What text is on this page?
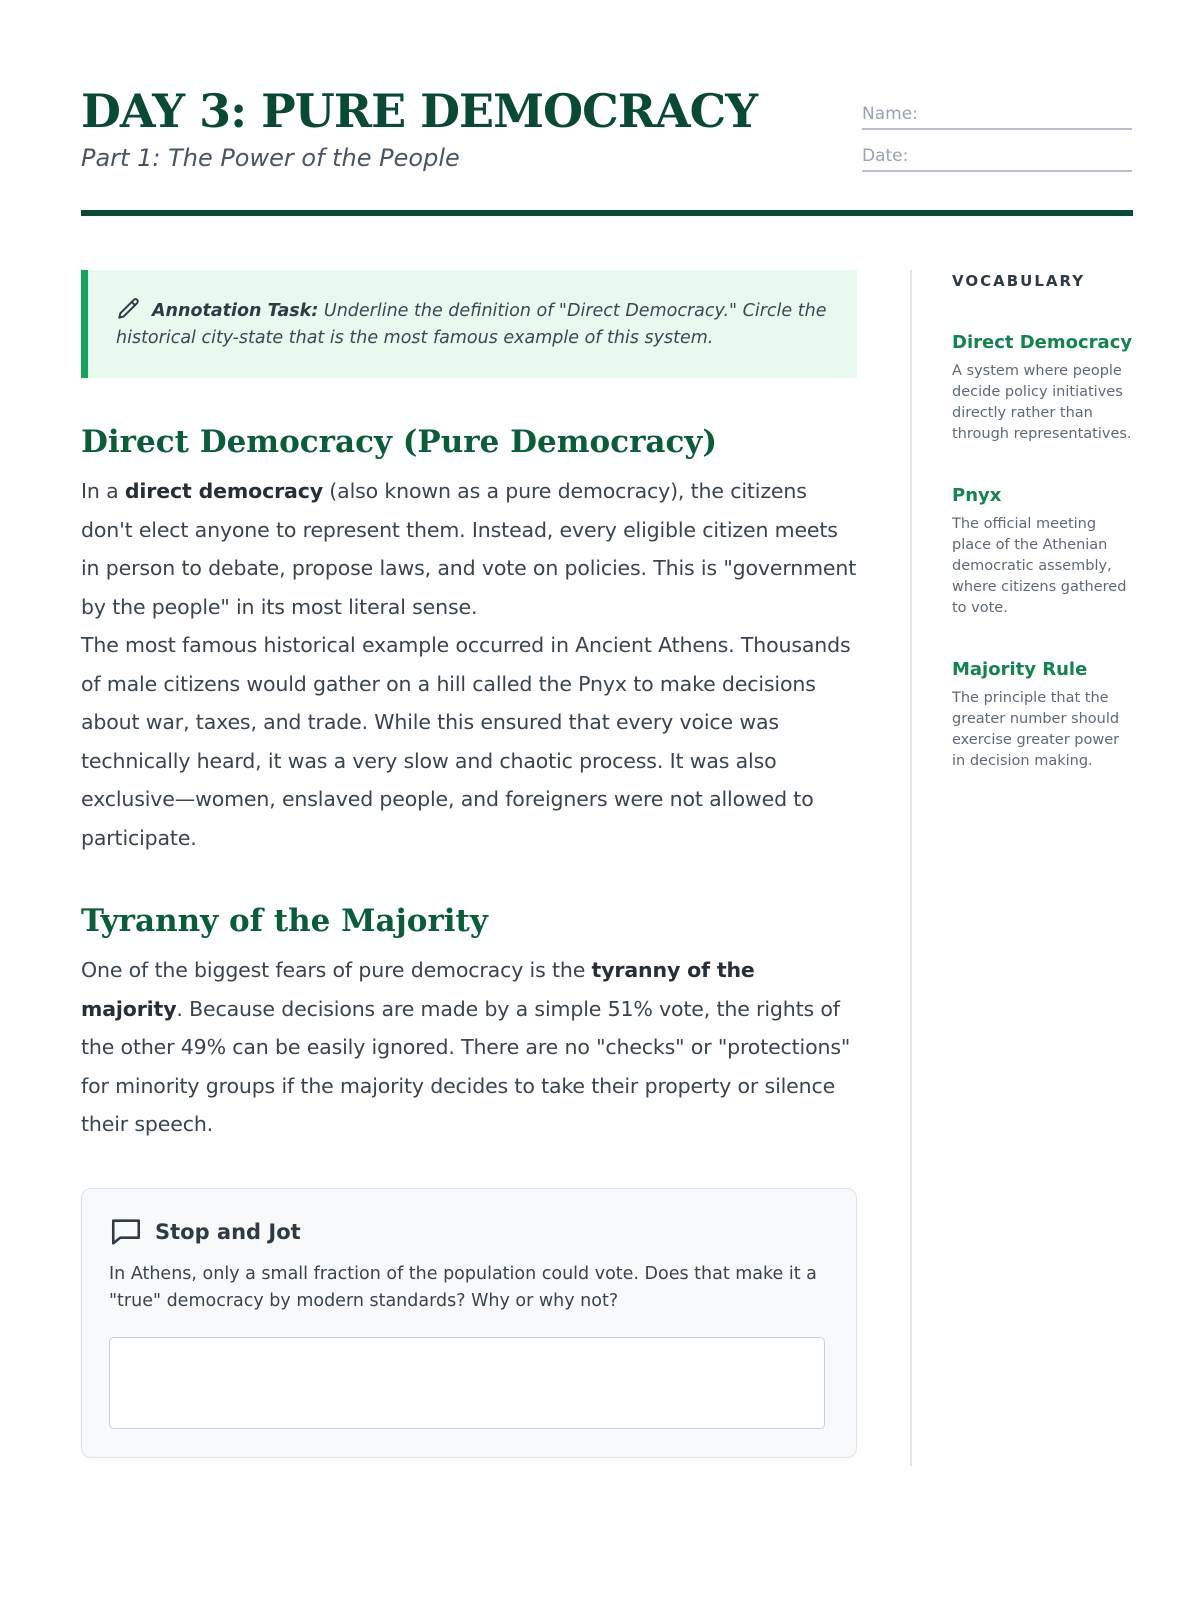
DAY 3: PURE DEMOCRACY
Part 1: The Power of the People
Name:
Date:
Annotation Task: Underline the definition of "Direct Democracy." Circle the historical city-state that is the most famous example of this system.
Direct Democracy (Pure Democracy)

In a direct democracy (also known as a pure democracy), the citizens don't elect anyone to represent them. Instead, every eligible citizen meets in person to debate, propose laws, and vote on policies. This is "government by the people" in its most literal sense.

The most famous historical example occurred in Ancient Athens. Thousands of male citizens would gather on a hill called the Pnyx to make decisions about war, taxes, and trade. While this ensured that every voice was technically heard, it was a very slow and chaotic process. It was also exclusive—women, enslaved people, and foreigners were not allowed to participate.

Tyranny of the Majority

One of the biggest fears of pure democracy is the tyranny of the majority. Because decisions are made by a simple 51% vote, the rights of the other 49% can be easily ignored. There are no "checks" or "protections" for minority groups if the majority decides to take their property or silence their speech.

Stop and Jot
In Athens, only a small fraction of the population could vote. Does that make it a "true" democracy by modern standards? Why or why not?
VOCABULARY
Direct Democracy
A system where people decide policy initiatives directly rather than through representatives.
Pnyx
The official meeting place of the Athenian democratic assembly, where citizens gathered to vote.
Majority Rule
The principle that the greater number should exercise greater power in decision making.
